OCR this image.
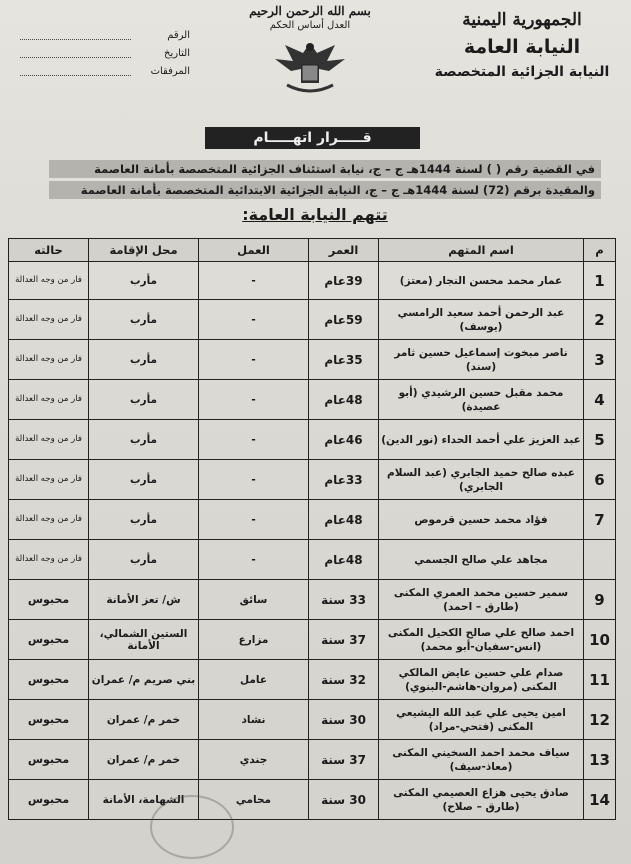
الجمهورية اليمنية
النيابة العامة
النيابة الجزائية المتخصصة
بسم الله الرحمن الرحيم
العدل أساس الحكم
الرقم
التاريخ
المرفقات
قـــــرار اتهـــــام
في القضية رقم ( ) لسنة 1444هـ ج – ج، نيابة استئناف الجزائية المتخصصة بأمانة العاصمة
والمقيدة برقم (72) لسنة 1444هـ ج – ج، النيابة الجزائية الابتدائية المتخصصة بأمانة العاصمة
تتهم النيابة العامة:
م	اسم المتهم	العمر	العمل	محل الإقامة	حالته
1	عمار محمد محسن النجار (معتز)	39عام	-	مأرب	فار من وجه العدالة
2	عبد الرحمن أحمد سعيد الرامسي (يوسف)	59عام	-	مأرب	فار من وجه العدالة
3	ناصر مبخوت إسماعيل حسين ثامر (سند)	35عام	-	مأرب	فار من وجه العدالة
4	محمد مقبل حسين الرشيدي (أبو عصيدة)	48عام	-	مأرب	فار من وجه العدالة
5	عبد العزيز علي أحمد الحداء (نور الدين)	46عام	-	مأرب	فار من وجه العدالة
6	عبده صالح حميد الجابري (عبد السلام الجابري)	33عام	-	مأرب	فار من وجه العدالة
7	فؤاد محمد حسين قرموص	48عام	-	مأرب	فار من وجه العدالة
	مجاهد علي صالح الجسمي	48عام	-	مأرب	فار من وجه العدالة
9	سمير حسين محمد العمري المكنى (طارق – احمد)	33 سنة	سائق	ش/ تعز الأمانة	محبوس
10	احمد صالح علي صالح الكحيل المكنى (انس-سفيان-أبو محمد)	37 سنة	مزارع	الستين الشمالي، الأمانة	محبوس
11	صدام علي حسين عايض المالكي المكنى (مروان-هاشم-البنوي)	32 سنة	عامل	بني صريم م/ عمران	محبوس
12	امين يحيى علي عبد الله اليشيعي المكنى (فتحي-مراد)	30 سنة	نشاد	خمر م/ عمران	محبوس
13	سياف محمد احمد السخيني المكنى (معاذ-سيف)	37 سنة	جندي	خمر م/ عمران	محبوس
14	صادق يحيى هزاع العصيمي المكنى (طارق – صلاح)	30 سنة	محامي	الشهامة، الأمانة	محبوس
